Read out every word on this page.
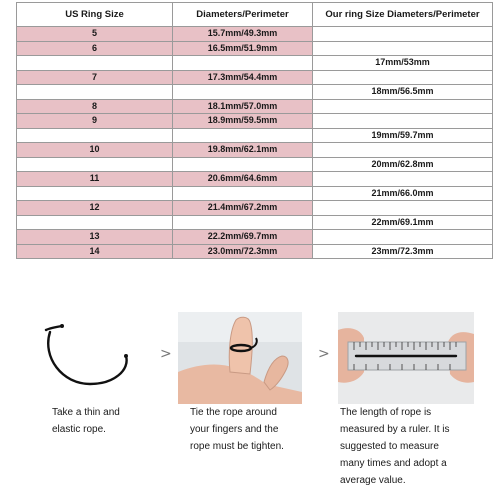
US Ring Size	Diameters/Perimeter	Our ring Size Diameters/Perimeter
5	15.7mm/49.3mm	
6	16.5mm/51.9mm	
		17mm/53mm
7	17.3mm/54.4mm	
		18mm/56.5mm
8	18.1mm/57.0mm	
9	18.9mm/59.5mm	
		19mm/59.7mm
10	19.8mm/62.1mm	
		20mm/62.8mm
11	20.6mm/64.6mm	
		21mm/66.0mm
12	21.4mm/67.2mm	
		22mm/69.1mm
13	22.2mm/69.7mm	
14	23.0mm/72.3mm	23mm/72.3mm
>	>
Take a thin and
elastic rope.
Tie the rope around
your fingers and the
rope must be tighten.
The length of rope is
measured by a ruler. It is
suggested to measure
many times and adopt a
average value.
